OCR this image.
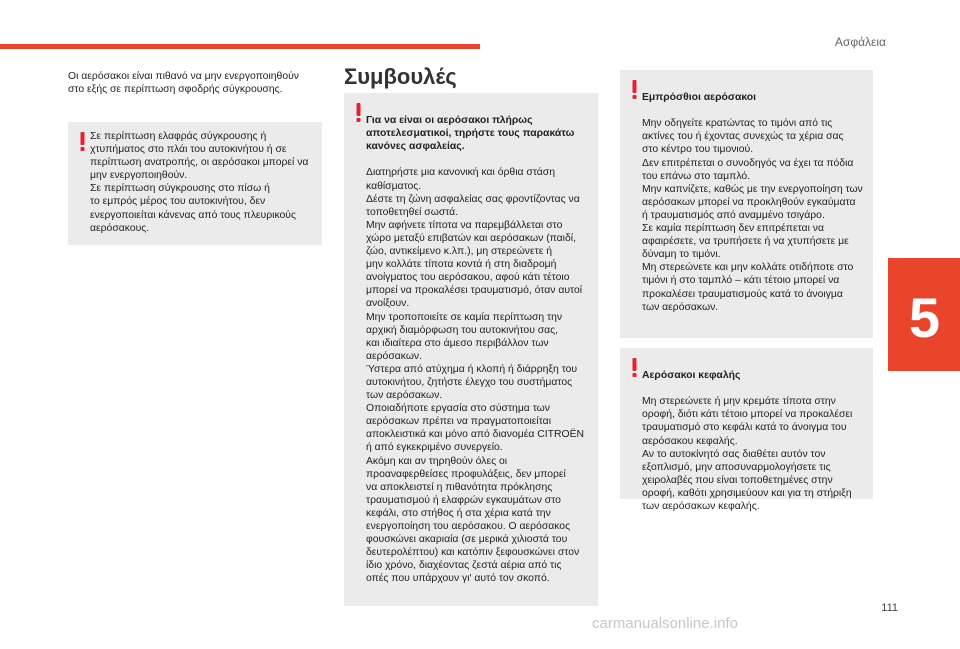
Ασφάλεια
5
Οι αερόσακοι είναι πιθανό να μην ενεργοποιηθούν
στο εξής σε περίπτωση σφοδρής σύγκρουσης.
Σε περίπτωση ελαφράς σύγκρουσης ή
χτυπήματος στο πλάι του αυτοκινήτου ή σε
περίπτωση ανατροπής, οι αερόσακοι μπορεί να
μην ενεργοποιηθούν.
Σε περίπτωση σύγκρουσης στο πίσω ή
το εμπρός μέρος του αυτοκινήτου, δεν
ενεργοποιείται κάνενας από τους πλευρικούς
αερόσακους.
Συμβουλές

Για να είναι οι αερόσακοι πλήρως
αποτελεσματικοί, τηρήστε τους παρακάτω
κανόνες ασφαλείας.

Διατηρήστε μια κανονική και όρθια στάση
καθίσματος.
Δέστε τη ζώνη ασφαλείας σας φροντίζοντας να
τοποθετηθεί σωστά.
Μην αφήνετε τίποτα να παρεμβάλλεται στο
χώρο μεταξύ επιβατών και αερόσακων (παιδί,
ζώο, αντικείμενο κ.λπ.), μη στερεώνετε ή
μην κολλάτε τίποτα κοντά ή στη διαδρομή
ανοίγματος του αερόσακου, αφού κάτι τέτοιο
μπορεί να προκαλέσει τραυματισμό, όταν αυτοί
ανοίξουν.
Μην τροποποιείτε σε καμία περίπτωση την
αρχική διαμόρφωση του αυτοκινήτου σας,
και ιδιαίτερα στο άμεσο περιβάλλον των
αερόσακων.
Ύστερα από ατύχημα ή κλοπή ή διάρρηξη του
αυτοκινήτου, ζητήστε έλεγχο του συστήματος
των αερόσακων.
Οποιαδήποτε εργασία στο σύστημα των
αερόσακων πρέπει να πραγματοποιείται
αποκλειστικά και μόνο από διανομέα CITROËN
ή από εγκεκριμένο συνεργείο.
Ακόμη και αν τηρηθούν όλες οι
προαναφερθείσες προφυλάξεις, δεν μπορεί
να αποκλειστεί η πιθανότητα πρόκλησης
τραυματισμού ή ελαφρών εγκαυμάτων στο
κεφάλι, στο στήθος ή στα χέρια κατά την
ενεργοποίηση του αερόσακου. Ο αερόσακος
φουσκώνει ακαριαία (σε μερικά χιλιοστά του
δευτερολέπτου) και κατόπιν ξεφουσκώνει στον
ίδιο χρόνο, διαχέοντας ζεστά αέρια από τις
οπές που υπάρχουν γι' αυτό τον σκοπό.

Εμπρόσθιοι αερόσακοι

Μην οδηγείτε κρατώντας το τιμόνι από τις
ακτίνες του ή έχοντας συνεχώς τα χέρια σας
στο κέντρο του τιμονιού.
Δεν επιτρέπεται ο συνοδηγός να έχει τα πόδια
του επάνω στο ταμπλό.
Μην καπνίζετε, καθώς με την ενεργοποίηση των
αερόσακων μπορεί να προκληθούν εγκαύματα
ή τραυματισμός από αναμμένο τσιγάρο.
Σε καμία περίπτωση δεν επιτρέπεται να
αφαιρέσετε, να τρυπήσετε ή να χτυπήσετε με
δύναμη το τιμόνι.
Μη στερεώνετε και μην κολλάτε οτιδήποτε στο
τιμόνι ή στο ταμπλό – κάτι τέτοιο μπορεί να
προκαλέσει τραυματισμούς κατά το άνοιγμα
των αερόσακων.

Αερόσακοι κεφαλής

Μη στερεώνετε ή μην κρεμάτε τίποτα στην
οροφή, διότι κάτι τέτοιο μπορεί να προκαλέσει
τραυματισμό στο κεφάλι κατά το άνοιγμα του
αερόσακου κεφαλής.
Αν το αυτοκίνητό σας διαθέτει αυτόν τον
εξοπλισμό, μην αποσυναρμολογήσετε τις
χειρολαβές που είναι τοποθετημένες στην
οροφή, καθότι χρησιμεύουν και για τη στήριξη
των αερόσακων κεφαλής.

111
carmanualsonline.info
